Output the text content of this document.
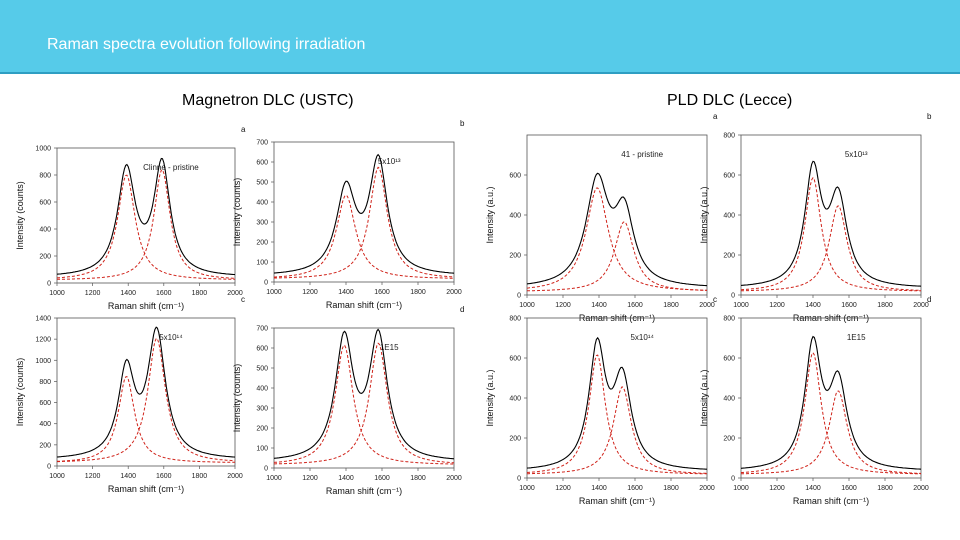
Raman spectra evolution following irradiation
Magnetron DLC (USTC)	PLD DLC (Lecce)
1000	1200	1400	1600	1800	2000
0
200
400
600
800
1000
Raman shift (cm⁻¹)
Intensity (counts)
a
Clinne - pristine
1000	1200	1400	1600	1800	2000
0
100
200
300
400
500
600
700
Raman shift (cm⁻¹)
Intensity (counts)
b
5x10¹³
1000	1200	1400	1600	1800	2000
0
200
400
600
800
1000
1200
1400
Raman shift (cm⁻¹)
Intensity (counts)
c
5x10¹⁴
1000	1200	1400	1600	1800	2000
0
100
200
300
400
500
600
700
Raman shift (cm⁻¹)
Intensity (counts)
d
1E15
1000	1200	1400	1600	1800	2000
0
200
400
600
Raman shift (cm⁻¹)
Intensity (a.u.)
a
41 - pristine
1000	1200	1400	1600	1800	2000
0
200
400
600
800
Raman shift (cm⁻¹)
Intensity (a.u.)
b
5x10¹³
1000	1200	1400	1600	1800	2000
0
200
400
600
800
Raman shift (cm⁻¹)
Intensity (a.u.)
c
5x10¹⁴
1000	1200	1400	1600	1800	2000
0
200
400
600
800
Raman shift (cm⁻¹)
Intensity (a.u.)
d
1E15
